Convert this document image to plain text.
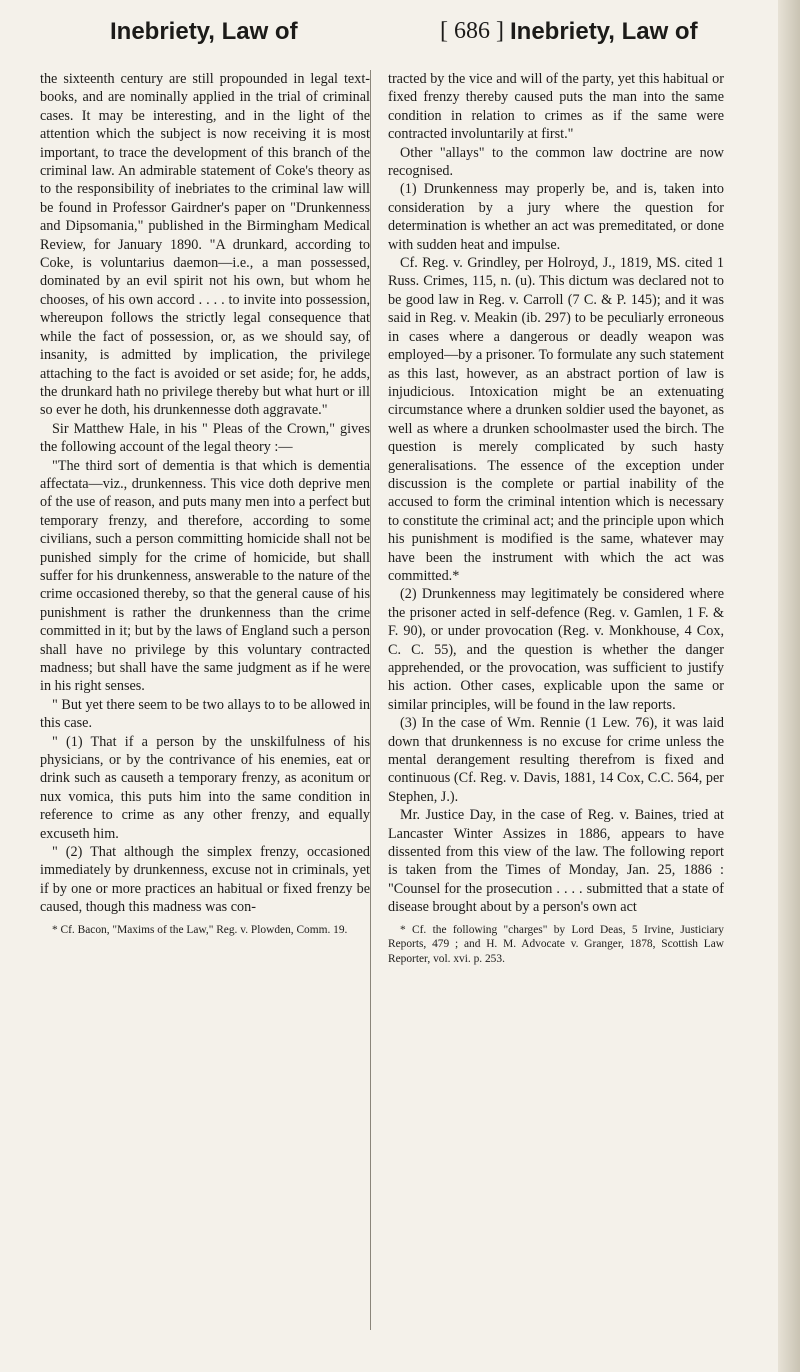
Inebriety, Law of	[ 686 ] Inebriety, Law of

the sixteenth century are still propounded in legal text-books, and are nominally applied in the trial of criminal cases. It may be interesting, and in the light of the attention which the subject is now receiving it is most important, to trace the development of this branch of the criminal law. An admirable statement of Coke's theory as to the responsibility of inebriates to the criminal law will be found in Professor Gairdner's paper on "Drunkenness and Dipsomania," published in the Birmingham Medical Review, for January 1890. "A drunkard, according to Coke, is voluntarius daemon—i.e., a man possessed, dominated by an evil spirit not his own, but whom he chooses, of his own accord . . . . to invite into possession, whereupon follows the strictly legal consequence that while the fact of possession, or, as we should say, of insanity, is admitted by implication, the privilege attaching to the fact is avoided or set aside; for, he adds, the drunkard hath no privilege thereby but what hurt or ill so ever he doth, his drunkennesse doth aggravate."

Sir Matthew Hale, in his " Pleas of the Crown," gives the following account of the legal theory :—

"The third sort of dementia is that which is dementia affectata—viz., drunkenness. This vice doth deprive men of the use of reason, and puts many men into a perfect but temporary frenzy, and therefore, according to some civilians, such a person committing homicide shall not be punished simply for the crime of homicide, but shall suffer for his drunkenness, answerable to the nature of the crime occasioned thereby, so that the general cause of his punishment is rather the drunkenness than the crime committed in it; but by the laws of England such a person shall have no privilege by this voluntary contracted madness; but shall have the same judgment as if he were in his right senses.

" But yet there seem to be two allays to to be allowed in this case.

" (1) That if a person by the unskilfulness of his physicians, or by the contrivance of his enemies, eat or drink such as causeth a temporary frenzy, as aconitum or nux vomica, this puts him into the same condition in reference to crime as any other frenzy, and equally excuseth him.

" (2) That although the simplex frenzy, occasioned immediately by drunkenness, excuse not in criminals, yet if by one or more practices an habitual or fixed frenzy be caused, though this madness was con-

* Cf. Bacon, "Maxims of the Law," Reg. v. Plowden, Comm. 19.

tracted by the vice and will of the party, yet this habitual or fixed frenzy thereby caused puts the man into the same condition in relation to crimes as if the same were contracted involuntarily at first."

Other "allays" to the common law doctrine are now recognised.

(1) Drunkenness may properly be, and is, taken into consideration by a jury where the question for determination is whether an act was premeditated, or done with sudden heat and impulse.

Cf. Reg. v. Grindley, per Holroyd, J., 1819, MS. cited 1 Russ. Crimes, 115, n. (u). This dictum was declared not to be good law in Reg. v. Carroll (7 C. & P. 145); and it was said in Reg. v. Meakin (ib. 297) to be peculiarly erroneous in cases where a dangerous or deadly weapon was employed—by a prisoner. To formulate any such statement as this last, however, as an abstract portion of law is injudicious. Intoxication might be an extenuating circumstance where a drunken soldier used the bayonet, as well as where a drunken schoolmaster used the birch. The question is merely complicated by such hasty generalisations. The essence of the exception under discussion is the complete or partial inability of the accused to form the criminal intention which is necessary to constitute the criminal act; and the principle upon which his punishment is modified is the same, whatever may have been the instrument with which the act was committed.*

(2) Drunkenness may legitimately be considered where the prisoner acted in self-defence (Reg. v. Gamlen, 1 F. & F. 90), or under provocation (Reg. v. Monkhouse, 4 Cox, C. C. 55), and the question is whether the danger apprehended, or the provocation, was sufficient to justify his action. Other cases, explicable upon the same or similar principles, will be found in the law reports.

(3) In the case of Wm. Rennie (1 Lew. 76), it was laid down that drunkenness is no excuse for crime unless the mental derangement resulting therefrom is fixed and continuous (Cf. Reg. v. Davis, 1881, 14 Cox, C.C. 564, per Stephen, J.).

Mr. Justice Day, in the case of Reg. v. Baines, tried at Lancaster Winter Assizes in 1886, appears to have dissented from this view of the law. The following report is taken from the Times of Monday, Jan. 25, 1886 : "Counsel for the prosecution . . . . submitted that a state of disease brought about by a person's own act

* Cf. the following "charges" by Lord Deas, 5 Irvine, Justiciary Reports, 479 ; and H. M. Advocate v. Granger, 1878, Scottish Law Reporter, vol. xvi. p. 253.
